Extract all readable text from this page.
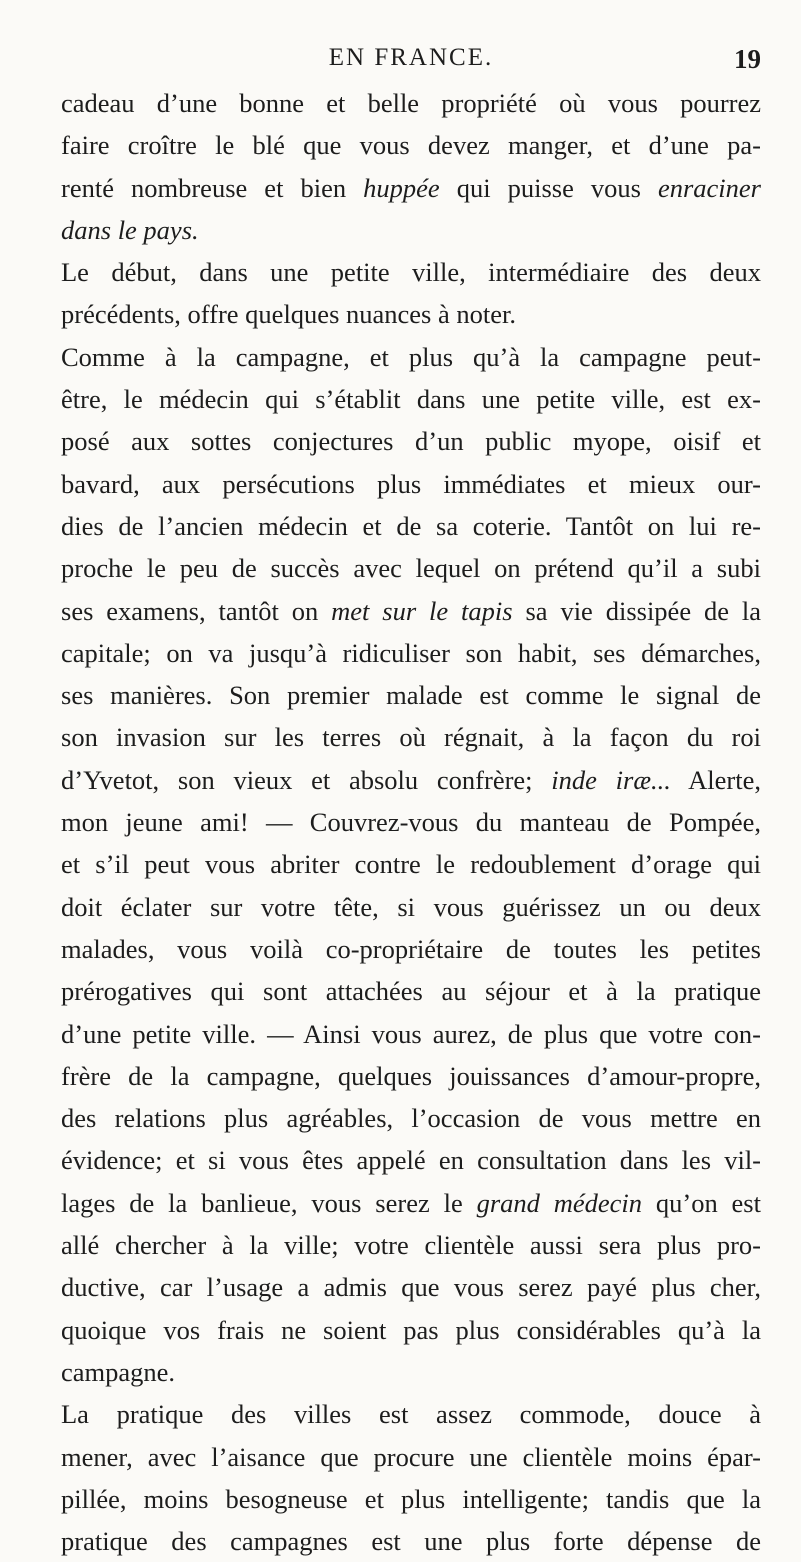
EN FRANCE.	19
cadeau d’une bonne et belle propriété où vous pourrez
faire croître le blé que vous devez manger, et d’une pa-
renté nombreuse et bien huppée qui puisse vous enraciner
dans le pays.
Le début, dans une petite ville, intermédiaire des deux
précédents, offre quelques nuances à noter.
Comme à la campagne, et plus qu’à la campagne peut-
être, le médecin qui s’établit dans une petite ville, est ex-
posé aux sottes conjectures d’un public myope, oisif et
bavard, aux persécutions plus immédiates et mieux our-
dies de l’ancien médecin et de sa coterie. Tantôt on lui re-
proche le peu de succès avec lequel on prétend qu’il a subi
ses examens, tantôt on met sur le tapis sa vie dissipée de la
capitale; on va jusqu’à ridiculiser son habit, ses démarches,
ses manières. Son premier malade est comme le signal de
son invasion sur les terres où régnait, à la façon du roi
d’Yvetot, son vieux et absolu confrère; inde iræ... Alerte,
mon jeune ami! — Couvrez-vous du manteau de Pompée,
et s’il peut vous abriter contre le redoublement d’orage qui
doit éclater sur votre tête, si vous guérissez un ou deux
malades, vous voilà co-propriétaire de toutes les petites
prérogatives qui sont attachées au séjour et à la pratique
d’une petite ville. — Ainsi vous aurez, de plus que votre con-
frère de la campagne, quelques jouissances d’amour-propre,
des relations plus agréables, l’occasion de vous mettre en
évidence; et si vous êtes appelé en consultation dans les vil-
lages de la banlieue, vous serez le grand médecin qu’on est
allé chercher à la ville; votre clientèle aussi sera plus pro-
ductive, car l’usage a admis que vous serez payé plus cher,
quoique vos frais ne soient pas plus considérables qu’à la
campagne.
La pratique des villes est assez commode, douce à
mener, avec l’aisance que procure une clientèle moins épar-
pillée, moins besogneuse et plus intelligente; tandis que la
pratique des campagnes est une plus forte dépense de
